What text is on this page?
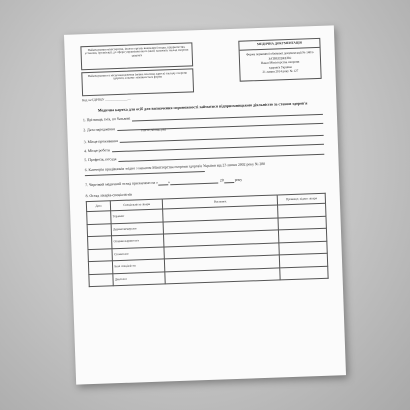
Найменування міністерства, іншого органу виконавчої влади, підприємства, установи, організації, до сфери управління якого (якої) належить заклад охорони здоров'я
Найменування та місцезнаходження (повна поштова адреса) закладу охорони здоров'я, в якому заповнюється форма
Код за ЄДРПОУ ________________
МЕДИЧНА ДОКУМЕНТАЦІЯ
Форма первинної облікової документації № 140/о
ЗАТВЕРДЖЕНО
Наказ Міністерства охорони
здоров'я України
21 липня 2014 року № 127
Медична картка для осіб для визначення спроможності займатися підприємницькою діяльністю за станом здоров'я
1. Прізвище, ім'я, по батькові
2. Дата народження	(число, місяць, рік)
3. Місце проживання
4. Місце роботи
5. Професія, посада
6. Категорія працівників згідно з наказом Міністерства охорони здоров'я України від 23 липня 2002 року № 280
7. Черговий медичний огляд призначено на «	»	20	року
8. Огляд лікарів-спеціалістів
Дата	Спеціальність лікаря	Висновок	Прізвище, підпис лікаря
	Терапевт		
	Дерматовенеролог		
	Оториноларинголог		
	Стоматолог		
	Інші спеціалісти		
	Дентолог		
